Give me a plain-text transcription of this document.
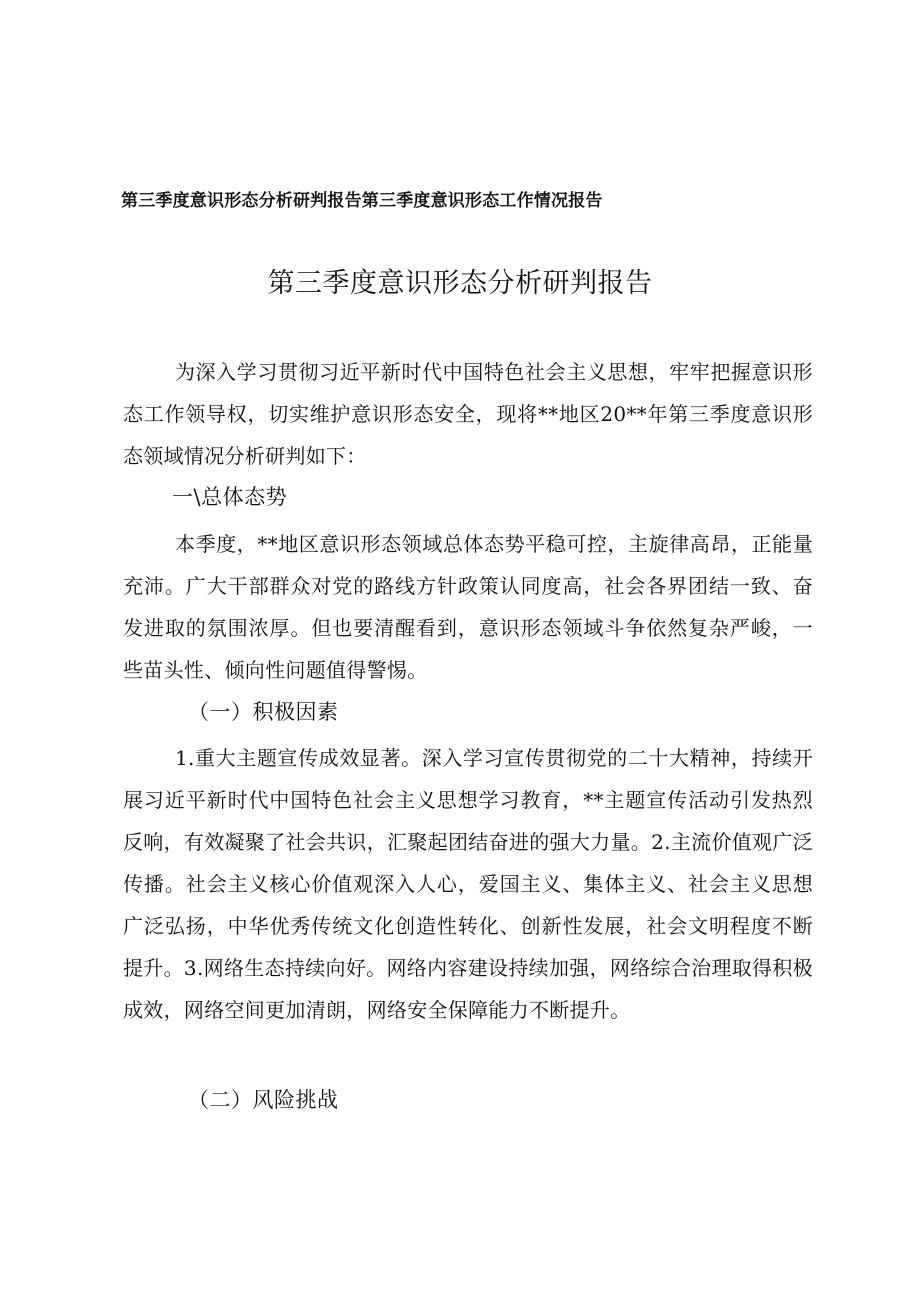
第三季度意识形态分析研判报告第三季度意识形态工作情况报告
第三季度意识形态分析研判报告
为深入学习贯彻习近平新时代中国特色社会主义思想，牢牢把握意识形态工作领导权，切实维护意识形态安全，现将**地区20**年第三季度意识形态领域情况分析研判如下：
一\总体态势
本季度，**地区意识形态领域总体态势平稳可控，主旋律高昂，正能量充沛。广大干部群众对党的路线方针政策认同度高，社会各界团结一致、奋发进取的氛围浓厚。但也要清醒看到，意识形态领域斗争依然复杂严峻，一些苗头性、倾向性问题值得警惕。
（一）积极因素
1.重大主题宣传成效显著。深入学习宣传贯彻党的二十大精神，持续开展习近平新时代中国特色社会主义思想学习教育，**主题宣传活动引发热烈反响，有效凝聚了社会共识，汇聚起团结奋进的强大力量。2.主流价值观广泛传播。社会主义核心价值观深入人心，爱国主义、集体主义、社会主义思想广泛弘扬，中华优秀传统文化创造性转化、创新性发展，社会文明程度不断提升。3.网络生态持续向好。网络内容建设持续加强，网络综合治理取得积极成效，网络空间更加清朗，网络安全保障能力不断提升。
（二）风险挑战
